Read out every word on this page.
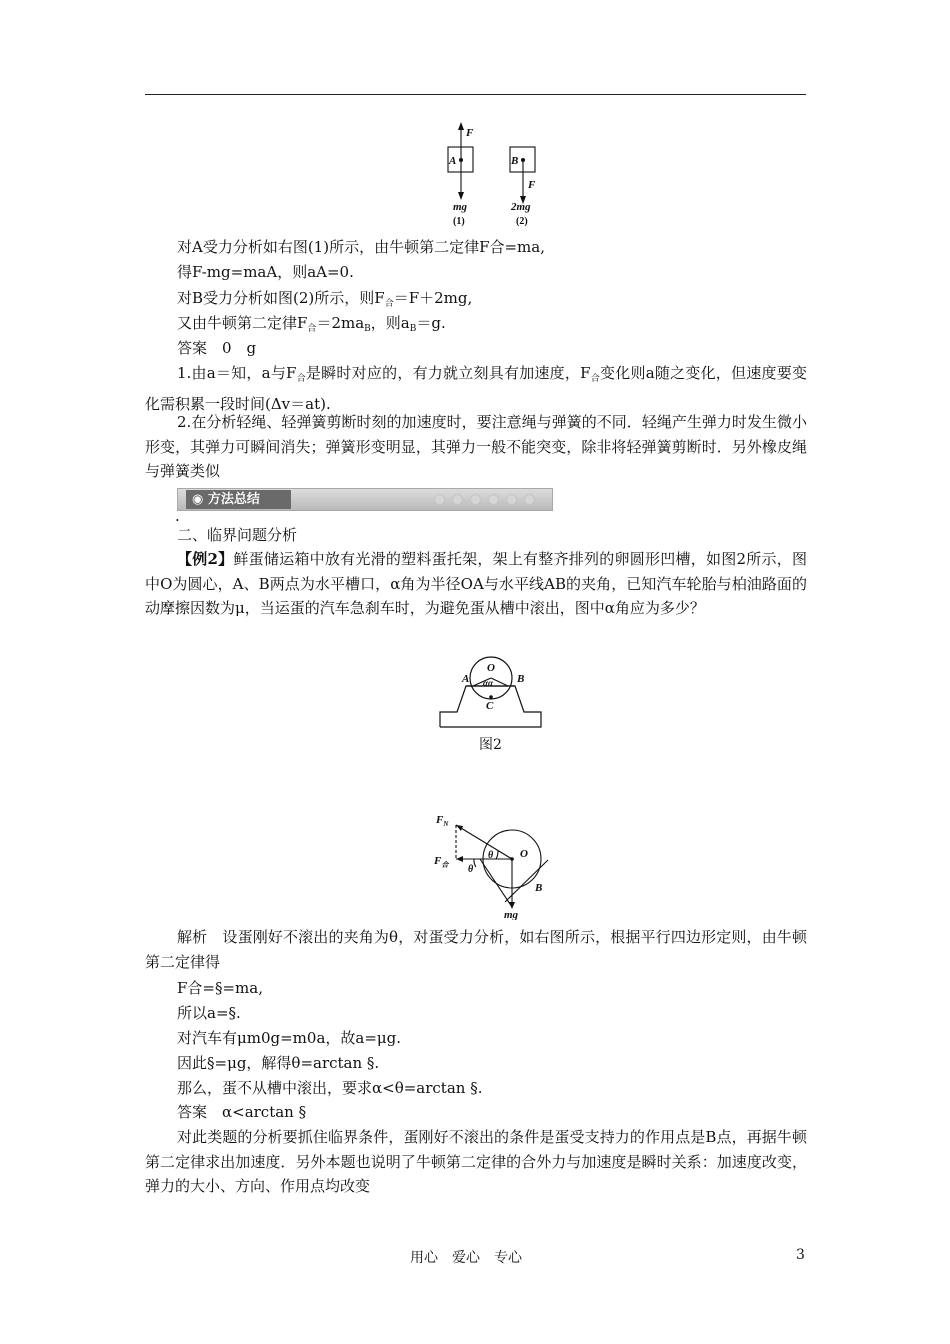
F
A	B
F
mg	2mg
(1)	(2)
对A受力分析如右图(1)所示，由牛顿第二定律F合=ma,
得F-mg=maA，则aA=0.
对B受力分析如图(2)所示，则$F_合=F+2mg$,
又由牛顿第二定律$F_合=2ma_B$，则$a_B=g$.
答案　0　g
1.由a＝知，a与$F_合$是瞬时对应的，有力就立刻具有加速度，$F_合$变化则a随之变化，但速度要变化需积累一段时间(Δv＝at).
2.在分析轻绳、轻弹簧剪断时刻的加速度时，要注意绳与弹簧的不同．轻绳产生弹力时发生微小形变，其弹力可瞬间消失；弹簧形变明显，其弹力一般不能突变，除非将轻弹簧剪断时．另外橡皮绳与弹簧类似
◉ 方法总结
.
二、临界问题分析
【例2】鲜蛋储运箱中放有光滑的塑料蛋托架，架上有整齐排列的卵圆形凹槽，如图2所示，图中O为圆心，A、B两点为水平槽口，α角为半径OA与水平线AB的夹角，已知汽车轮胎与柏油路面的动摩擦因数为μ，当运蛋的汽车急刹车时，为避免蛋从槽中滚出，图中α角应为多少？
O
A	B
C
αα
图2
$F_N$
$F_合$
θ
θ
O
B
mg
解析　设蛋刚好不滚出的夹角为θ，对蛋受力分析，如右图所示，根据平行四边形定则，由牛顿第二定律得
F合=§=ma,
所以a=§.
对汽车有μm0g=m0a，故a=μg.
因此§=μg，解得θ=arctan §.
那么，蛋不从槽中滚出，要求α<θ=arctan §.
答案　α<arctan §
对此类题的分析要抓住临界条件，蛋刚好不滚出的条件是蛋受支持力的作用点是B点，再据牛顿第二定律求出加速度．另外本题也说明了牛顿第二定律的合外力与加速度是瞬时关系：加速度改变，弹力的大小、方向、作用点均改变
用心　爱心　专心	3
